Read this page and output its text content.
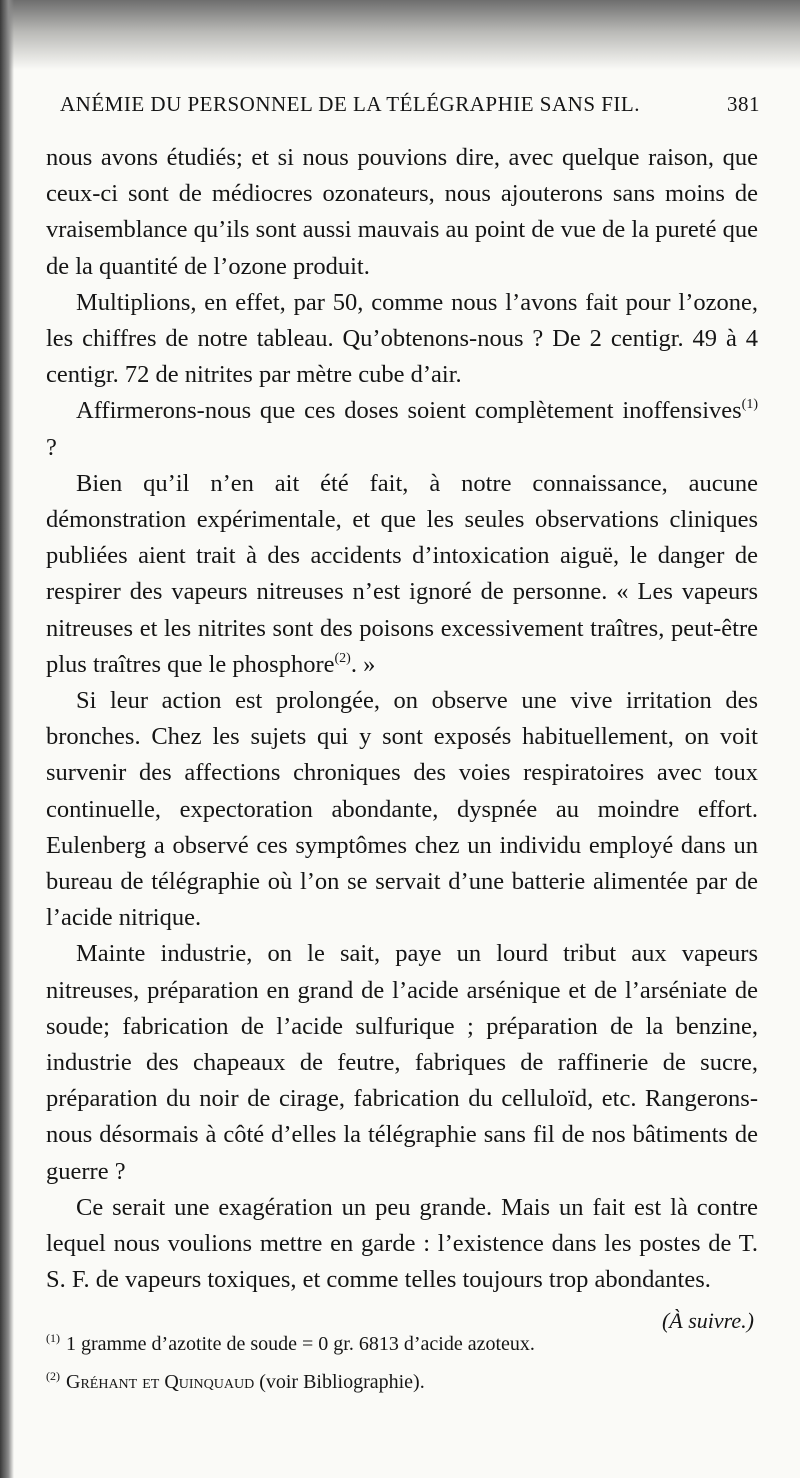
ANÉMIE DU PERSONNEL DE LA TÉLÉGRAPHIE SANS FIL.	381

nous avons étudiés; et si nous pouvions dire, avec quelque raison, que ceux-ci sont de médiocres ozonateurs, nous ajouterons sans moins de vraisemblance qu’ils sont aussi mauvais au point de vue de la pureté que de la quantité de l’ozone produit.

Multiplions, en effet, par 50, comme nous l’avons fait pour l’ozone, les chiffres de notre tableau. Qu’obtenons-nous ? De 2 centigr. 49 à 4 centigr. 72 de nitrites par mètre cube d’air.

Affirmerons-nous que ces doses soient complètement inoffensives$^{(1)}$ ?

Bien qu’il n’en ait été fait, à notre connaissance, aucune démonstration expérimentale, et que les seules observations cliniques publiées aient trait à des accidents d’intoxication aiguë, le danger de respirer des vapeurs nitreuses n’est ignoré de personne. « Les vapeurs nitreuses et les nitrites sont des poisons excessivement traîtres, peut-être plus traîtres que le phosphore$^{(2)}$. »

Si leur action est prolongée, on observe une vive irritation des bronches. Chez les sujets qui y sont exposés habituellement, on voit survenir des affections chroniques des voies respiratoires avec toux continuelle, expectoration abondante, dyspnée au moindre effort. Eulenberg a observé ces symptômes chez un individu employé dans un bureau de télégraphie où l’on se servait d’une batterie alimentée par de l’acide nitrique.

Mainte industrie, on le sait, paye un lourd tribut aux vapeurs nitreuses, préparation en grand de l’acide arsénique et de l’arséniate de soude; fabrication de l’acide sulfurique ; préparation de la benzine, industrie des chapeaux de feutre, fabriques de raffinerie de sucre, préparation du noir de cirage, fabrication du celluloïd, etc. Rangerons-nous désormais à côté d’elles la télégraphie sans fil de nos bâtiments de guerre ?

Ce serait une exagération un peu grande. Mais un fait est là contre lequel nous voulions mettre en garde : l’existence dans les postes de T. S. F. de vapeurs toxiques, et comme telles toujours trop abondantes.

(À suivre.)
$^{(1)}$ 1 gramme d’azotite de soude = 0 gr. 6813 d’acide azoteux.
$^{(2)}$ Gréhant et Quinquaud (voir Bibliographie).
